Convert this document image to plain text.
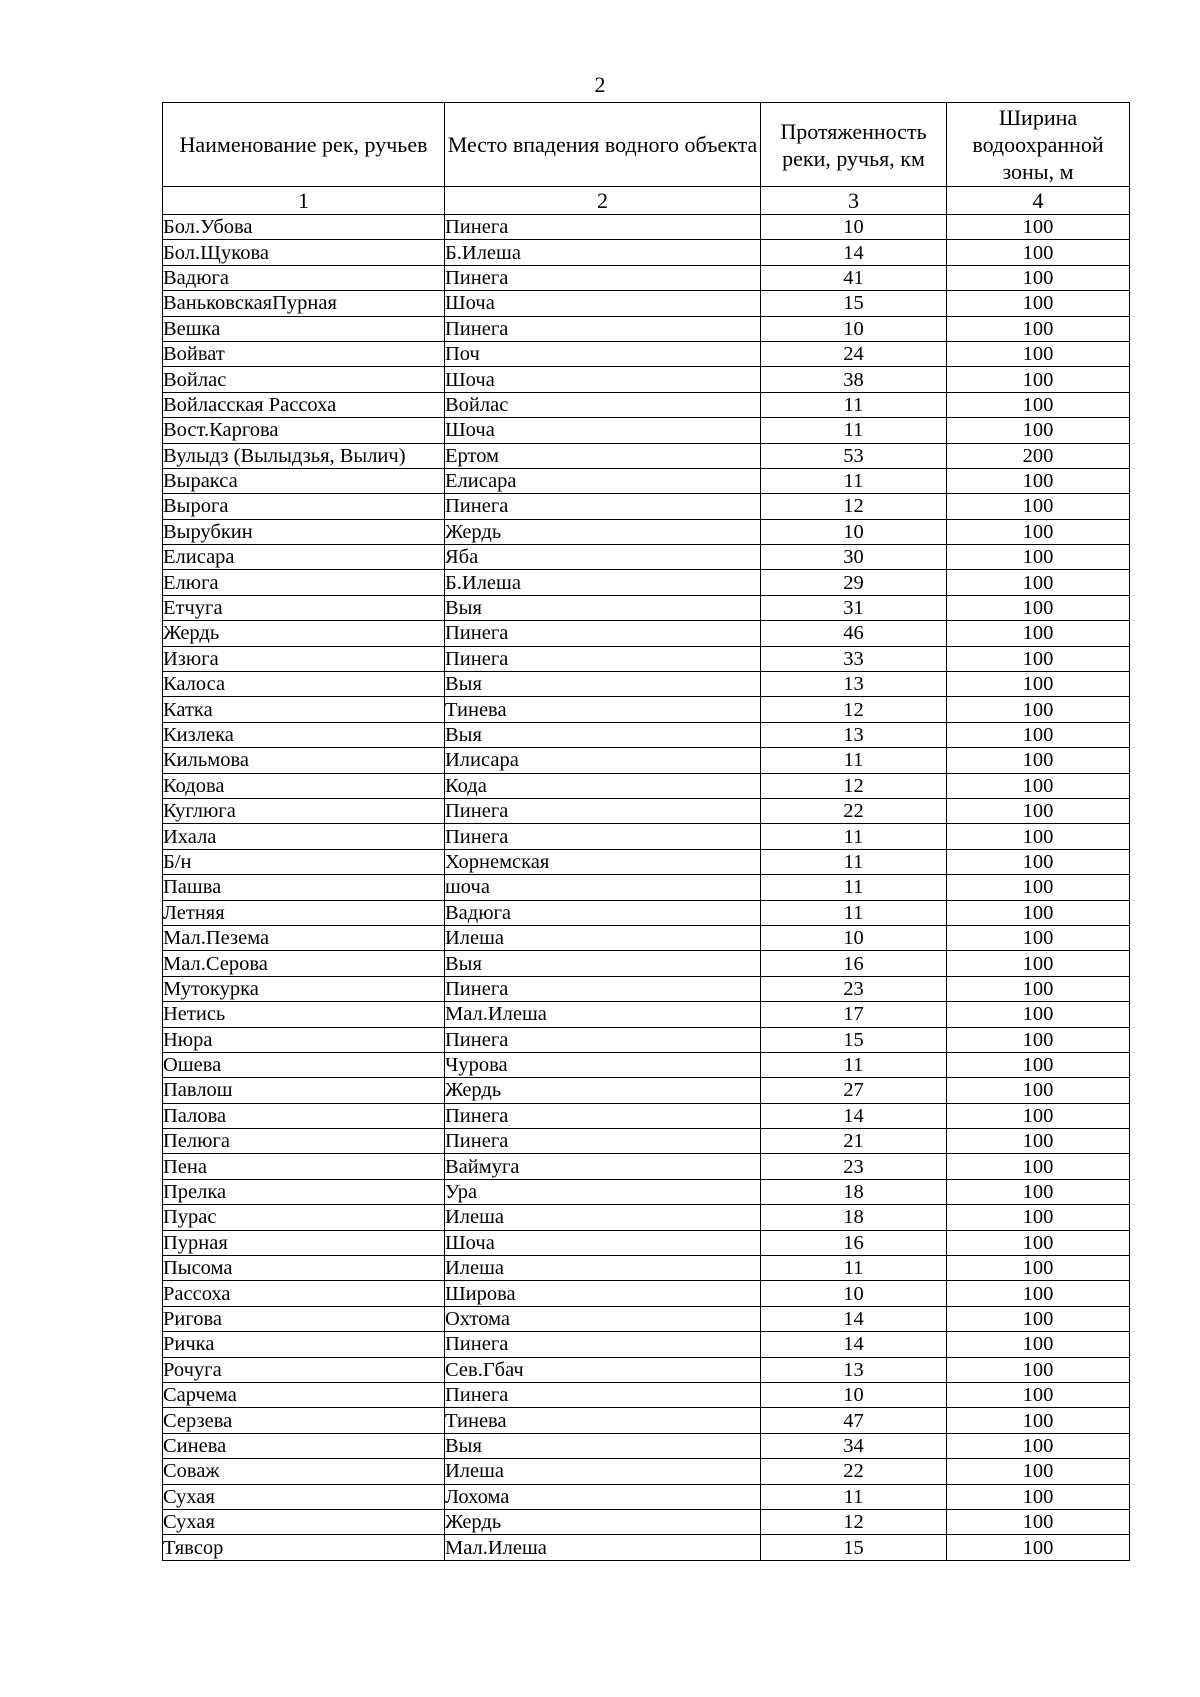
2
Наименование рек, ручьев	Место впадения водного объекта	Протяженность реки, ручья, км	Ширина водоохранной зоны, м
1	2	3	4
Бол.Убова	Пинега	10	100
Бол.Щукова	Б.Илеша	14	100
Вадюга	Пинега	41	100
ВаньковскаяПурная	Шоча	15	100
Вешка	Пинега	10	100
Войват	Поч	24	100
Войлас	Шоча	38	100
Войласская Рассоха	Войлас	11	100
Вост.Каргова	Шоча	11	100
Вулыдз (Вылыдзья, Вылич)	Ертом	53	200
Выракса	Елисара	11	100
Вырога	Пинега	12	100
Вырубкин	Жердь	10	100
Елисара	Яба	30	100
Елюга	Б.Илеша	29	100
Етчуга	Выя	31	100
Жердь	Пинега	46	100
Изюга	Пинега	33	100
Калоса	Выя	13	100
Катка	Тинева	12	100
Кизлека	Выя	13	100
Кильмова	Илисара	11	100
Кодова	Кода	12	100
Куглюга	Пинега	22	100
Ихала	Пинега	11	100
Б/н	Хорнемская	11	100
Пашва	шоча	11	100
Летняя	Вадюга	11	100
Мал.Пезема	Илеша	10	100
Мал.Серова	Выя	16	100
Мутокурка	Пинега	23	100
Нетись	Мал.Илеша	17	100
Нюра	Пинега	15	100
Ошева	Чурова	11	100
Павлош	Жердь	27	100
Палова	Пинега	14	100
Пелюга	Пинега	21	100
Пена	Ваймуга	23	100
Прелка	Ура	18	100
Пурас	Илеша	18	100
Пурная	Шоча	16	100
Пысома	Илеша	11	100
Рассоха	Широва	10	100
Ригова	Охтома	14	100
Ричка	Пинега	14	100
Рочуга	Сев.Гбач	13	100
Сарчема	Пинега	10	100
Серзева	Тинева	47	100
Синева	Выя	34	100
Соваж	Илеша	22	100
Сухая	Лохома	11	100
Сухая	Жердь	12	100
Тявсор	Мал.Илеша	15	100
